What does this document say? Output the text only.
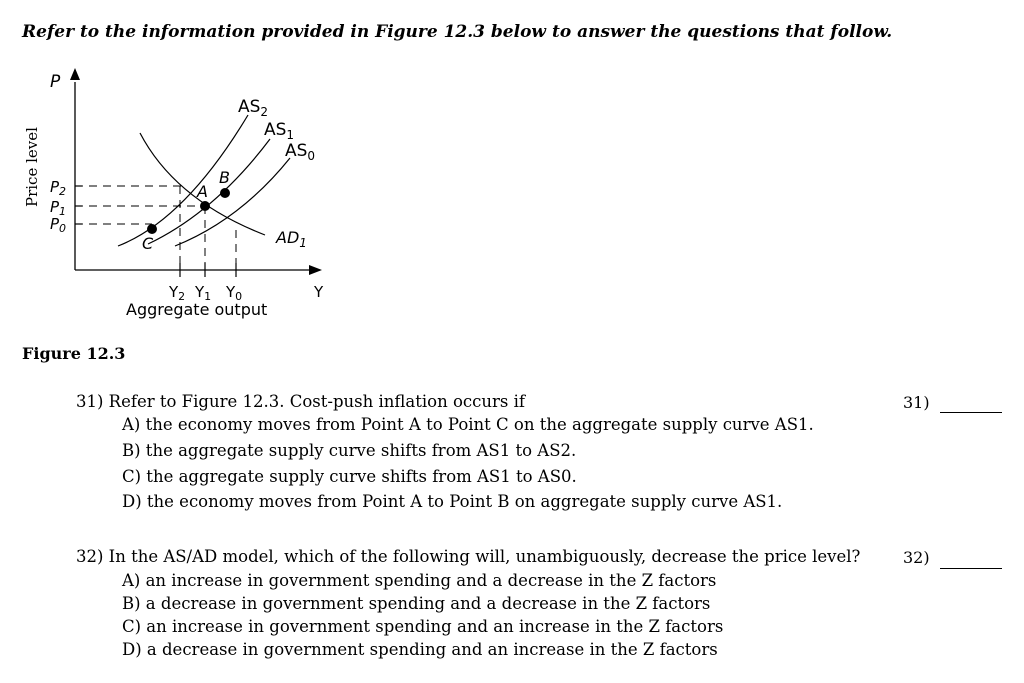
Refer to the information provided in Figure 12.3 below to answer the questions that follow.
P
Price level
Y
Aggregate output
$AS_2$
$AS_1$
$AS_0$
$AD_1$
$P_2$
$P_1$
$P_0$
$Y_2$ $Y_1$ $Y_0$
A
B
C
Figure 12.3
31) Refer to Figure 12.3. Cost-push inflation occurs if
A) the economy moves from Point A to Point C on the aggregate supply curve AS1.
B) the aggregate supply curve shifts from AS1 to AS2.
C) the aggregate supply curve shifts from AS1 to AS0.
D) the economy moves from Point A to Point B on aggregate supply curve AS1.
31)
32) In the AS/AD model, which of the following will, unambiguously, decrease the price level?
A) an increase in government spending and a decrease in the Z factors
B) a decrease in government spending and a decrease in the Z factors
C) an increase in government spending and an increase in the Z factors
D) a decrease in government spending and an increase in the Z factors
32)
